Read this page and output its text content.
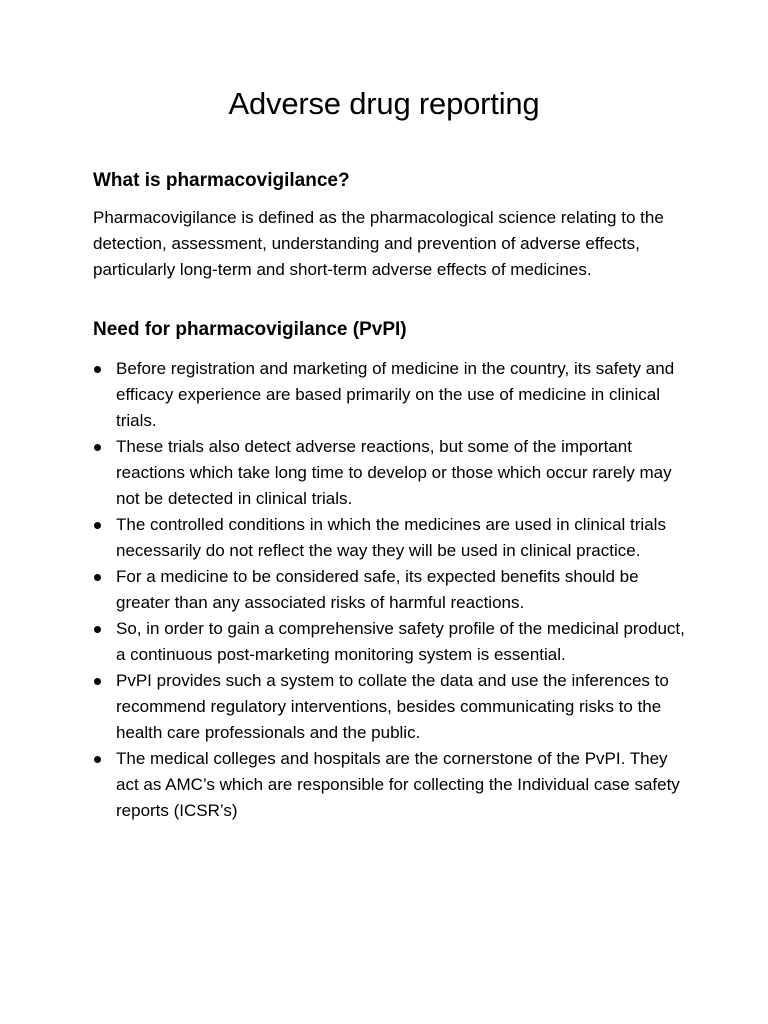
Adverse drug reporting
What is pharmacovigilance?

Pharmacovigilance is defined as the pharmacological science relating to the detection, assessment, understanding and prevention of adverse effects, particularly long-term and short-term adverse effects of medicines.

Need for pharmacovigilance (PvPI)
Before registration and marketing of medicine in the country, its safety and efficacy experience are based primarily on the use of medicine in clinical trials.
These trials also detect adverse reactions, but some of the important reactions which take long time to develop or those which occur rarely may not be detected in clinical trials.
The controlled conditions in which the medicines are used in clinical trials necessarily do not reflect the way they will be used in clinical practice.
For a medicine to be considered safe, its expected benefits should be greater than any associated risks of harmful reactions.
So, in order to gain a comprehensive safety profile of the medicinal product, a continuous post-marketing monitoring system is essential.
PvPI provides such a system to collate the data and use the inferences to recommend regulatory interventions, besides communicating risks to the health care professionals and the public.
The medical colleges and hospitals are the cornerstone of the PvPI. They act as AMC’s which are responsible for collecting the Individual case safety reports (ICSR’s)
